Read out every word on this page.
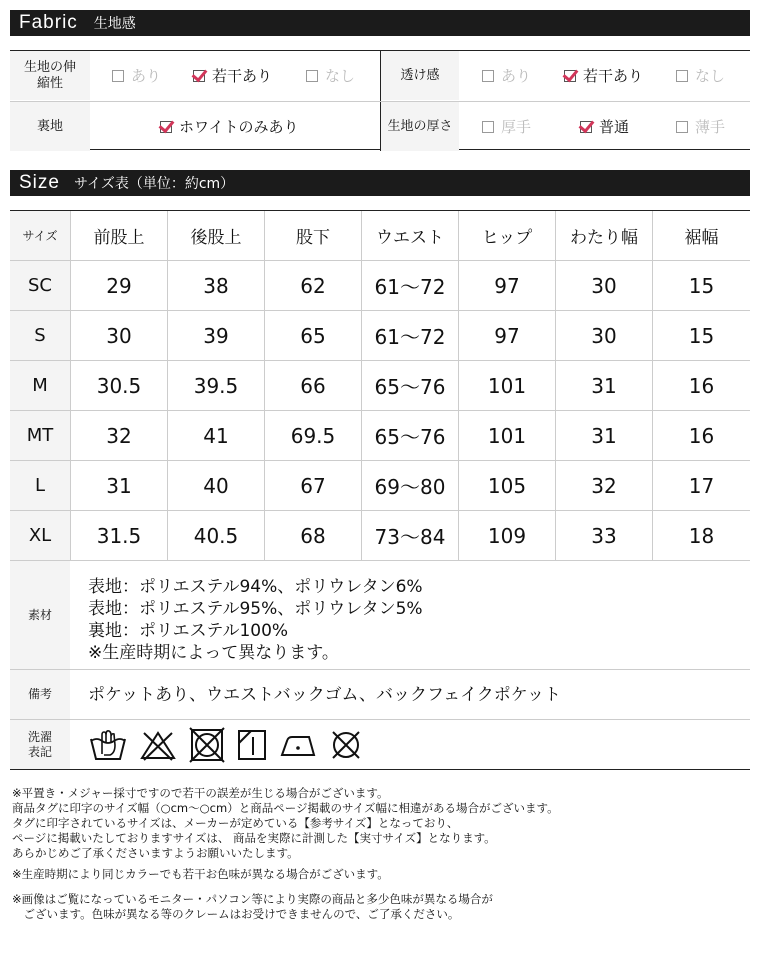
Fabric 生地感
生地の伸縮性	あり	若干あり	なし	透け感	あり	若干あり	なし
裏地	ホワイトのみあり	生地の厚さ	厚手	普通	薄手
Size サイズ表（単位：約cm）
サイズ	前股上	後股上	股下	ウエスト	ヒップ	わたり幅	裾幅
SC	29	38	62	61〜72	97	30	15
S	30	39	65	61〜72	97	30	15
M	30.5	39.5	66	65〜76	101	31	16
MT	32	41	69.5	65〜76	101	31	16
L	31	40	67	69〜80	105	32	17
XL	31.5	40.5	68	73〜84	109	33	18
素材
表地：ポリエステル94%、ポリウレタン6%
表地：ポリエステル95%、ポリウレタン5%
裏地：ポリエステル100%
※生産時期によって異なります。
備考	ポケットあり、ウエストバックゴム、バックフェイクポケット
洗濯表記
※平置き・メジャー採寸ですので若干の誤差が生じる場合がございます。
商品タグに印字のサイズ幅（○cm〜○cm）と商品ページ掲載のサイズ幅に相違がある場合がございます。
タグに印字されているサイズは、メーカーが定めている【参考サイズ】となっており、
ページに掲載いたしておりますサイズは、 商品を実際に計測した【実寸サイズ】となります。
あらかじめご了承くださいますようお願いいたします。
※生産時期により同じカラーでも若干お色味が異なる場合がございます。
※画像はご覧になっているモニター・パソコン等により実際の商品と多少色味が異なる場合が
　ございます。色味が異なる等のクレームはお受けできませんので、ご了承ください。
